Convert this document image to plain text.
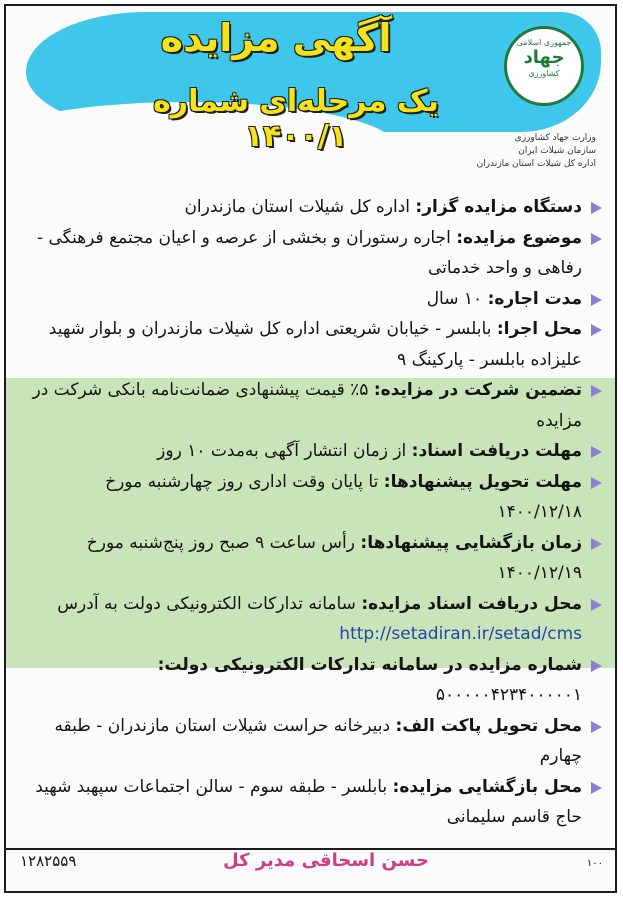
آگهی مزایده
یک مرحله‌ای شماره ۱۴۰۰/۱
جمهوری اسلامی
جهاد
کشاورزی
وزارت جهاد کشاورزی
سازمان شیلات ایران
اداره کل شیلات استان مازندران
دستگاه مزایده گزار: اداره کل شیلات استان مازندران
موضوع مزایده: اجاره رستوران و بخشی از عرصه و اعیان مجتمع فرهنگی - رفاهی و واحد خدماتی
مدت اجاره: ۱۰ سال
محل اجرا: بابلسر - خیابان شریعتی اداره کل شیلات مازندران و بلوار شهید علیزاده بابلسر - پارکینگ ۹
تضمین شرکت در مزایده: ۵٪ قیمت پیشنهادی ضمانت‌نامه بانکی شرکت در مزایده
مهلت دریافت اسناد: از زمان انتشار آگهی به‌مدت ۱۰ روز
مهلت تحویل پیشنهادها: تا پایان وقت اداری روز چهارشنبه مورخ ۱۴۰۰/۱۲/۱۸
زمان بازگشایی پیشنهادها: رأس ساعت ۹ صبح روز پنج‌شنبه مورخ ۱۴۰۰/۱۲/۱۹
محل دریافت اسناد مزایده: سامانه تدارکات الکترونیکی دولت به آدرس http://setadiran.ir/setad/cms
شماره مزایده در سامانه تدارکات الکترونیکی دولت: ۵۰۰۰۰۰۴۲۳۴۰۰۰۰۰۱
محل تحویل پاکت الف: دبیرخانه حراست شیلات استان مازندران - طبقه چهارم
محل بازگشایی مزایده: بابلسر - طبقه سوم - سالن اجتماعات سپهبد شهید حاج قاسم سلیمانی
۱۲۸۲۵۵۹	حسن اسحاقی مدیر کل	۱۰۰
